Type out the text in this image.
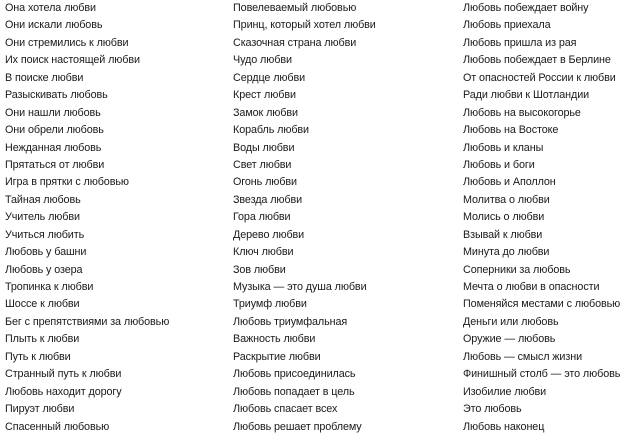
Она хотела любви
Они искали любовь
Они стремились к любви
Их поиск настоящей любви
В поиске любви
Разыскивать любовь
Они нашли любовь
Они обрели любовь
Нежданная любовь
Прятаться от любви
Игра в прятки с любовью
Тайная любовь
Учитель любви
Учиться любить
Любовь у башни
Любовь у озера
Тропинка к любви
Шоссе к любви
Бег с препятствиями за любовью
Плыть к любви
Путь к любви
Странный путь к любви
Любовь находит дорогу
Пируэт любви
Спасенный любовью
Повелеваемый любовью
Принц, который хотел любви
Сказочная страна любви
Чудо любви
Сердце любви
Крест любви
Замок любви
Корабль любви
Воды любви
Свет любви
Огонь любви
Звезда любви
Гора любви
Дерево любви
Ключ любви
Зов любви
Музыка — это душа любви
Триумф любви
Любовь триумфальная
Важность любви
Раскрытие любви
Любовь присоединилась
Любовь попадает в цель
Любовь спасает всех
Любовь решает проблему
Любовь побеждает войну
Любовь приехала
Любовь пришла из рая
Любовь побеждает в Берлине
От опасностей России к любви
Ради любви к Шотландии
Любовь на высокогорье
Любовь на Востоке
Любовь и кланы
Любовь и боги
Любовь и Аполлон
Молитва о любви
Молись о любви
Взывай к любви
Минута до любви
Соперники за любовь
Мечта о любви в опасности
Поменяйся местами с любовью
Деньги или любовь
Оружие — любовь
Любовь — смысл жизни
Финишный столб — это любовь
Изобилие любви
Это любовь
Любовь наконец
